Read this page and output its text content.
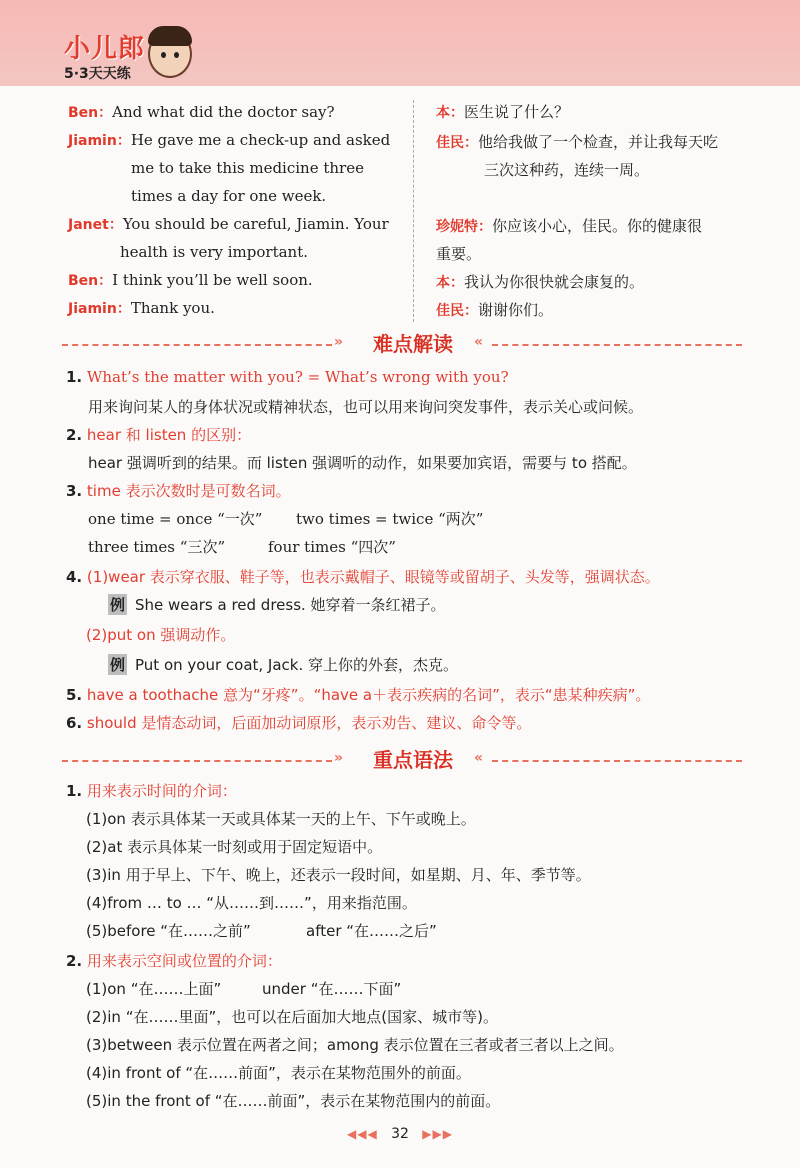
小儿郎
5·3天天练
Ben：And what did the doctor say?
Jiamin：He gave me a check-up and asked
me to take this medicine three
times a day for one week.
Janet：You should be careful, Jiamin. Your
health is very important.
Ben：I think you’ll be well soon.
Jiamin：Thank you.
本：医生说了什么？
佳民：他给我做了一个检查，并让我每天吃
三次这种药，连续一周。
珍妮特：你应该小心，佳民。你的健康很
重要。
本：我认为你很快就会康复的。
佳民：谢谢你们。
»	难点解读	«
1. What’s the matter with you? = What’s wrong with you?
用来询问某人的身体状况或精神状态，也可以用来询问突发事件，表示关心或问候。
2. hear 和 listen 的区别：
hear 强调听到的结果。而 listen 强调听的动作，如果要加宾语，需要与 to 搭配。
3. time 表示次数时是可数名词。
one time = once “一次” two times = twice “两次”
three times “三次”	four times “四次”
4. (1)wear 表示穿衣服、鞋子等，也表示戴帽子、眼镜等或留胡子、头发等，强调状态。
例 She wears a red dress. 她穿着一条红裙子。
(2)put on 强调动作。
例 Put on your coat, Jack. 穿上你的外套，杰克。
5. have a toothache 意为“牙疼”。“have a＋表示疾病的名词”，表示“患某种疾病”。
6. should 是情态动词，后面加动词原形，表示劝告、建议、命令等。
»	重点语法	«
1. 用来表示时间的介词：
(1)on 表示具体某一天或具体某一天的上午、下午或晚上。
(2)at 表示具体某一时刻或用于固定短语中。
(3)in 用于早上、下午、晚上，还表示一段时间，如星期、月、年、季节等。
(4)from … to … “从……到……”，用来指范围。
(5)before “在……之前”	after “在……之后”
2. 用来表示空间或位置的介词：
(1)on “在……上面”	under “在……下面”
(2)in “在……里面”，也可以在后面加大地点(国家、城市等)。
(3)between 表示位置在两者之间；among 表示位置在三者或者三者以上之间。
(4)in front of “在……前面”，表示在某物范围外的前面。
(5)in the front of “在……前面”，表示在某物范围内的前面。
◀◀◀ 32 ▶▶▶
